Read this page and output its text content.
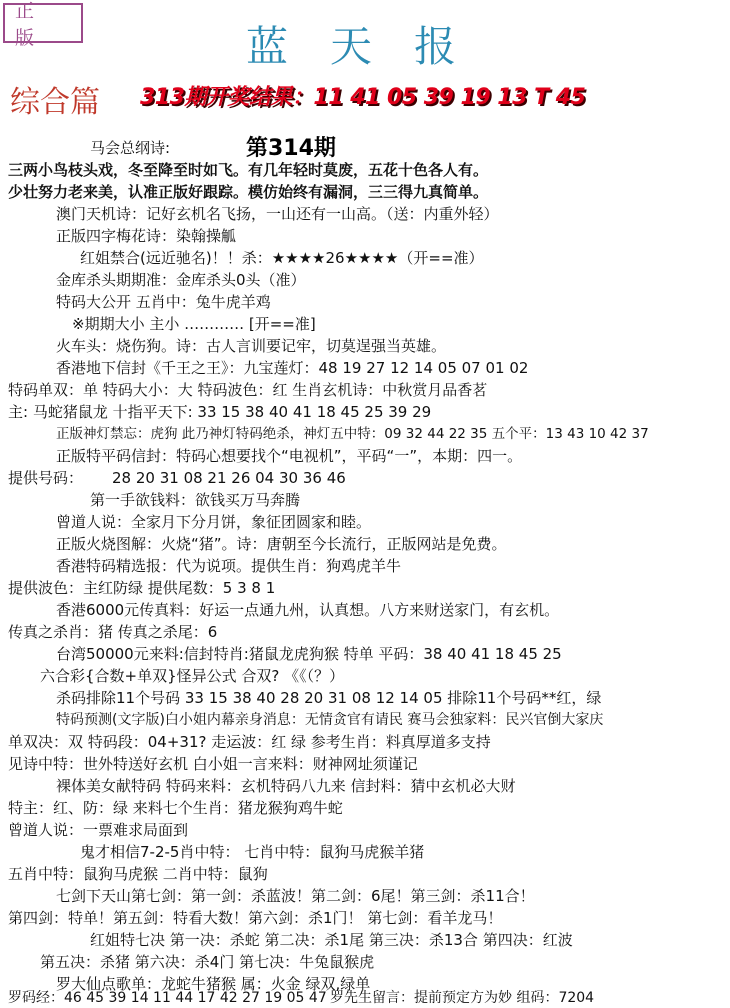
正 版	蓝天报
综合篇 313期开奖结果：11 41 05 39 19 13 T 45
第314期
马会总纲诗:
三两小鸟枝头戏，冬至降至时如飞。有几年轻时莫废，五花十色各人有。
少壮努力老来美，认准正版好跟踪。模仿始终有漏洞，三三得九真简单。
澳门天机诗：记好玄机名飞扬，一山还有一山高。（送：内重外轻）
正版四字梅花诗：染翰操觚
红姐禁合(远近驰名)！！杀：★★★★26★★★★（开==准）
金库杀头期期准：金库杀头0头（准）
特码大公开 五肖中：兔牛虎羊鸡
※期期大小 主小 ………… [开==准]
火车头：烧伤狗。诗：古人言训要记牢，切莫逞强当英雄。
香港地下信封《千王之王》：九宝莲灯：48 19 27 12 14 05 07 01 02
特码单双：单 特码大小：大 特码波色：红 生肖玄机诗：中秋赏月品香茗
主: 马蛇猪鼠龙 十指平天下: 33 15 38 40 41 18 45 25 39 29
正版神灯禁忘：虎狗 此乃神灯特码绝杀，神灯五中特：09 32 44 22 35 五个平：13 43 10 42 37
正版特平码信封：特码心想要找个“电视机”，平码“一”，本期：四一。
提供号码： 28 20 31 08 21 26 04 30 36 46
第一手欲钱料：欲钱买万马奔腾
曾道人说：全家月下分月饼，象征团圆家和睦。
正版火烧图解：火烧“猪”。诗：唐朝至今长流行，正版网站是免费。
香港特码精选报：代为说项。提供生肖：狗鸡虎羊牛
提供波色：主红防绿 提供尾数：5 3 8 1
香港6000元传真料：好运一点通九州，认真想。八方来财送家门，有玄机。
传真之杀肖：猪 传真之杀尾：6
台湾50000元来料:信封特肖:猪鼠龙虎狗猴 特单 平码：38 40 41 18 45 25
六合彩{合数+单双}怪异公式 合双? 《《（？）
杀码排除11个号码 33 15 38 40 28 20 31 08 12 14 05 排除11个号码**红，绿
特码预测(文字版)白小姐内幕亲身消息：无情贪官有请民 赛马会独家料：民兴官倒大家庆
单双决：双 特码段：04+31? 走运波：红 绿 参考生肖：料真厚道多支持
见诗中特：世外特送好玄机 白小姐一言来料：财神网址须谨记
裸体美女献特码 特码来料：玄机特码八九来 信封料：猜中玄机必大财
特主：红、防：绿 来料七个生肖：猪龙猴狗鸡牛蛇
曾道人说：一票难求局面到
鬼才相信7-2-5肖中特： 七肖中特：鼠狗马虎猴羊猪
五肖中特：鼠狗马虎猴 二肖中特：鼠狗
七剑下天山第七剑：第一剑：杀蓝波！第二剑：6尾！第三剑：杀11合！
第四剑：特单！第五剑：特看大数！第六剑：杀1门！ 第七剑：看羊龙马！
红姐特七决 第一决：杀蛇 第二决：杀1尾 第三决：杀13合 第四决：红波
第五决：杀猪 第六决：杀4门 第七决：牛兔鼠猴虎
罗大仙点歌单：龙蛇牛猪猴 属：火金 绿双,绿单
罗码经：46 45 39 14 11 44 17 42 27 19 05 47 罗先生留言：提前预定方为妙 组码：7204
